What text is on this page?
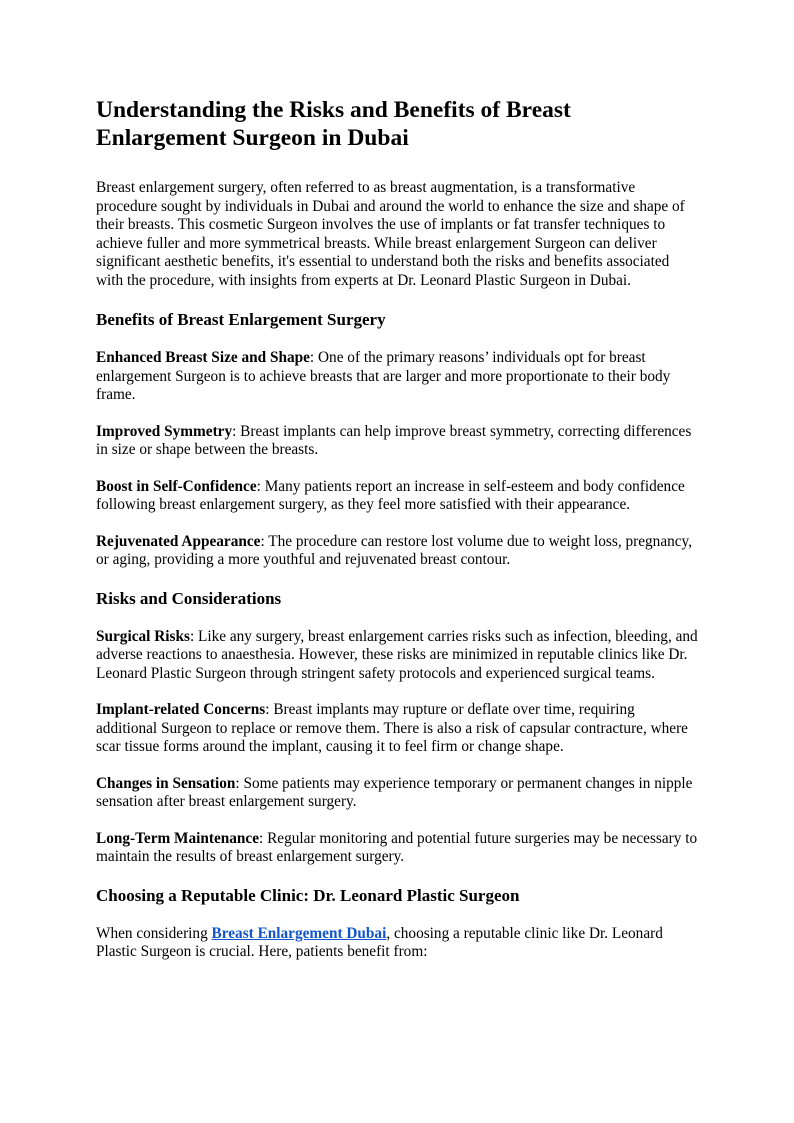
Understanding the Risks and Benefits of Breast Enlargement Surgeon in Dubai

Breast enlargement surgery, often referred to as breast augmentation, is a transformative procedure sought by individuals in Dubai and around the world to enhance the size and shape of their breasts. This cosmetic Surgeon involves the use of implants or fat transfer techniques to achieve fuller and more symmetrical breasts. While breast enlargement Surgeon can deliver significant aesthetic benefits, it's essential to understand both the risks and benefits associated with the procedure, with insights from experts at Dr. Leonard Plastic Surgeon in Dubai.

Benefits of Breast Enlargement Surgery

Enhanced Breast Size and Shape: One of the primary reasons’ individuals opt for breast enlargement Surgeon is to achieve breasts that are larger and more proportionate to their body frame.

Improved Symmetry: Breast implants can help improve breast symmetry, correcting differences in size or shape between the breasts.

Boost in Self-Confidence: Many patients report an increase in self-esteem and body confidence following breast enlargement surgery, as they feel more satisfied with their appearance.

Rejuvenated Appearance: The procedure can restore lost volume due to weight loss, pregnancy, or aging, providing a more youthful and rejuvenated breast contour.

Risks and Considerations

Surgical Risks: Like any surgery, breast enlargement carries risks such as infection, bleeding, and adverse reactions to anaesthesia. However, these risks are minimized in reputable clinics like Dr. Leonard Plastic Surgeon through stringent safety protocols and experienced surgical teams.

Implant-related Concerns: Breast implants may rupture or deflate over time, requiring additional Surgeon to replace or remove them. There is also a risk of capsular contracture, where scar tissue forms around the implant, causing it to feel firm or change shape.

Changes in Sensation: Some patients may experience temporary or permanent changes in nipple sensation after breast enlargement surgery.

Long-Term Maintenance: Regular monitoring and potential future surgeries may be necessary to maintain the results of breast enlargement surgery.

Choosing a Reputable Clinic: Dr. Leonard Plastic Surgeon

When considering Breast Enlargement Dubai, choosing a reputable clinic like Dr. Leonard Plastic Surgeon is crucial. Here, patients benefit from:
